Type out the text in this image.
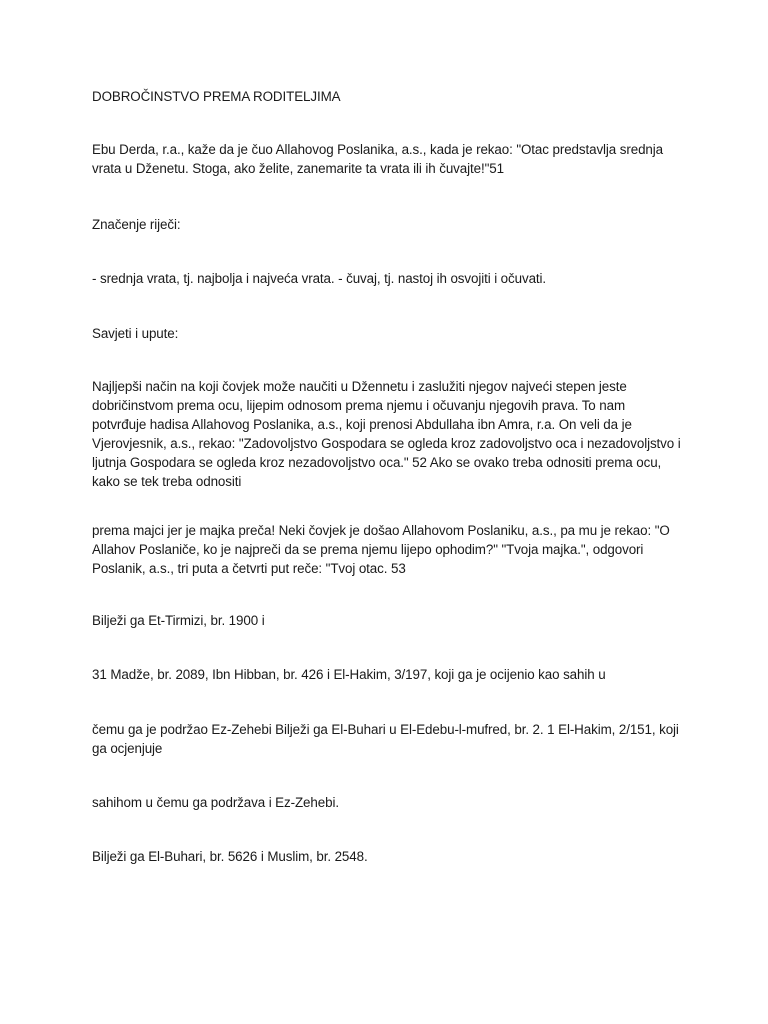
DOBROČINSTVO PREMA RODITELJIMA

Ebu Derda, r.a., kaže da je čuo Allahovog Poslanika, a.s., kada je rekao: "Otac predstavlja srednja
vrata u Dženetu. Stoga, ako želite, zanemarite ta vrata ili ih čuvajte!"51

Značenje riječi:

- srednja vrata, tj. najbolja i najveća vrata. - čuvaj, tj. nastoj ih osvojiti i očuvati.

Savjeti i upute:

Najljepši način na koji čovjek može naučiti u Džennetu i zaslužiti njegov najveći stepen jeste
dobričinstvom prema ocu, lijepim odnosom prema njemu i očuvanju njegovih prava. To nam
potvrđuje hadisa Allahovog Poslanika, a.s., koji prenosi Abdullaha ibn Amra, r.a. On veli da je
Vjerovjesnik, a.s., rekao: "Zadovoljstvo Gospodara se ogleda kroz zadovoljstvo oca i nezadovoljstvo i
ljutnja Gospodara se ogleda kroz nezadovoljstvo oca." 52 Ako se ovako treba odnositi prema ocu,
kako se tek treba odnositi

prema majci jer je majka preča! Neki čovjek je došao Allahovom Poslaniku, a.s., pa mu je rekao: "O
Allahov Poslaniče, ko je najpreči da se prema njemu lijepo ophodim?" "Tvoja majka.", odgovori
Poslanik, a.s., tri puta a četvrti put reče: "Tvoj otac. 53

Bilježi ga Et-Tirmizi, br. 1900 i

31 Madže, br. 2089, Ibn Hibban, br. 426 i El-Hakim, 3/197, koji ga je ocijenio kao sahih u

čemu ga je podržao Ez-Zehebi Bilježi ga El-Buhari u El-Edebu-l-mufred, br. 2. 1 El-Hakim, 2/151, koji
ga ocjenjuje

sahihom u čemu ga podržava i Ez-Zehebi.

Bilježi ga El-Buhari, br. 5626 i Muslim, br. 2548.
